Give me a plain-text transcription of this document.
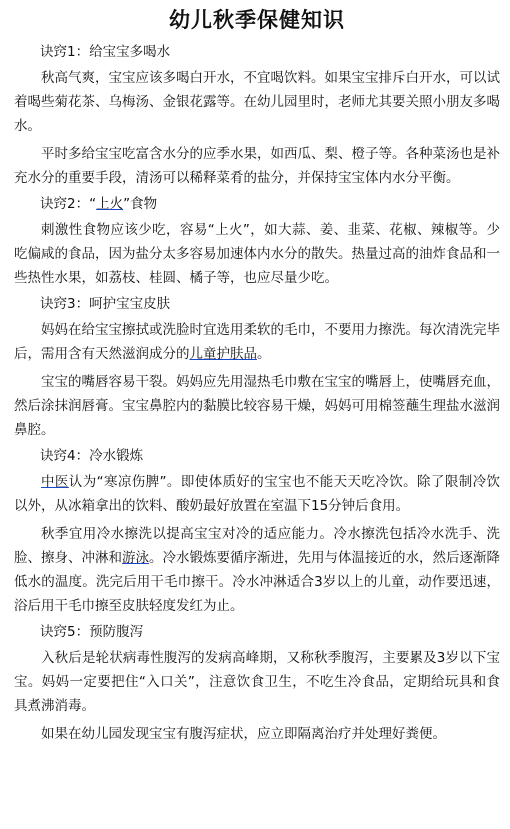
幼儿秋季保健知识
诀窍1：给宝宝多喝水

秋高气爽，宝宝应该多喝白开水，不宜喝饮料。如果宝宝排斥白开水，可以试着喝些菊花茶、乌梅汤、金银花露等。在幼儿园里时，老师尤其要关照小朋友多喝水。

平时多给宝宝吃富含水分的应季水果，如西瓜、梨、橙子等。各种菜汤也是补充水分的重要手段，清汤可以稀释菜肴的盐分，并保持宝宝体内水分平衡。

诀窍2：“上火”食物

刺激性食物应该少吃，容易“上火”，如大蒜、姜、韭菜、花椒、辣椒等。少吃偏咸的食品，因为盐分太多容易加速体内水分的散失。热量过高的油炸食品和一些热性水果，如荔枝、桂圆、橘子等，也应尽量少吃。

诀窍3：呵护宝宝皮肤

妈妈在给宝宝擦拭或洗脸时宜选用柔软的毛巾，不要用力擦洗。每次清洗完毕后，需用含有天然滋润成分的儿童护肤品。

宝宝的嘴唇容易干裂。妈妈应先用湿热毛巾敷在宝宝的嘴唇上，使嘴唇充血，然后涂抹润唇膏。宝宝鼻腔内的黏膜比较容易干燥，妈妈可用棉签蘸生理盐水滋润鼻腔。

诀窍4：冷水锻炼

中医认为“寒凉伤脾”。即使体质好的宝宝也不能天天吃冷饮。除了限制冷饮以外，从冰箱拿出的饮料、酸奶最好放置在室温下15分钟后食用。

秋季宜用冷水擦洗以提高宝宝对冷的适应能力。冷水擦洗包括冷水洗手、洗脸、擦身、冲淋和游泳。冷水锻炼要循序渐进，先用与体温接近的水，然后逐渐降低水的温度。洗完后用干毛巾擦干。冷水冲淋适合3岁以上的儿童，动作要迅速，浴后用干毛巾擦至皮肤轻度发红为止。

诀窍5：预防腹泻

入秋后是轮状病毒性腹泻的发病高峰期，又称秋季腹泻，主要累及3岁以下宝宝。妈妈一定要把住“入口关”，注意饮食卫生，不吃生冷食品，定期给玩具和食具煮沸消毒。

如果在幼儿园发现宝宝有腹泻症状，应立即隔离治疗并处理好粪便。
